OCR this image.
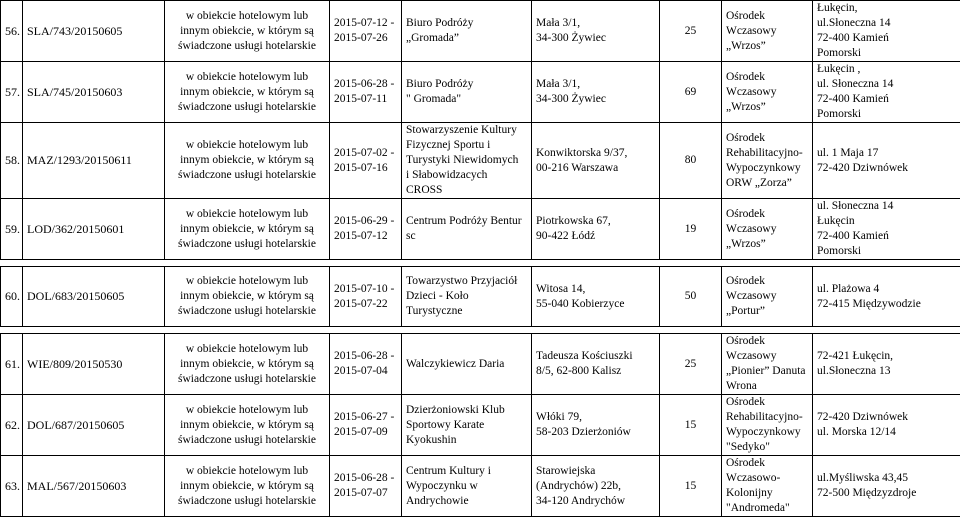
56.	SLA/743/20150605	w obiekcie hotelowym lub
innym obiekcie, w którym są
świadczone usługi hotelarskie	2015-07-12 -
2015-07-26	Biuro Podróży
„Gromada”	Mała 3/1,
34-300 Żywiec	25	Ośrodek
Wczasowy
„Wrzos”	Łukęcin,
ul.Słoneczna 14
72-400 Kamień
Pomorski
57.	SLA/745/20150603	w obiekcie hotelowym lub
innym obiekcie, w którym są
świadczone usługi hotelarskie	2015-06-28 -
2015-07-11	Biuro Podróży
" Gromada"	Mała 3/1,
34-300 Żywiec	69	Ośrodek
Wczasowy
„Wrzos”	Łukęcin ,
ul. Słoneczna 14
72-400 Kamień
Pomorski
58.	MAZ/1293/20150611	w obiekcie hotelowym lub
innym obiekcie, w którym są
świadczone usługi hotelarskie	2015-07-02 -
2015-07-16	Stowarzyszenie Kultury
Fizycznej Sportu i
Turystyki Niewidomych
i Słabowidzacych
CROSS	Konwiktorska 9/37,
00-216 Warszawa	80	Ośrodek
Rehabilitacyjno-
Wypoczynkowy
ORW „Zorza”	ul. 1 Maja 17
72-420 Dziwnówek
59.	LOD/362/20150601	w obiekcie hotelowym lub
innym obiekcie, w którym są
świadczone usługi hotelarskie	2015-06-29 -
2015-07-12	Centrum Podróży Bentur
sc	Piotrkowska 67,
90-422 Łódź	19	Ośrodek
Wczasowy
„Wrzos”	ul. Słoneczna 14
Łukęcin
72-400 Kamień
Pomorski
60.	DOL/683/20150605	w obiekcie hotelowym lub
innym obiekcie, w którym są
świadczone usługi hotelarskie	2015-07-10 -
2015-07-22	Towarzystwo Przyjaciół
Dzieci - Koło
Turystyczne	Witosa 14,
55-040 Kobierzyce	50	Ośrodek
Wczasowy
„Portur”	ul. Plażowa 4
72-415 Międzywodzie
61.	WIE/809/20150530	w obiekcie hotelowym lub
innym obiekcie, w którym są
świadczone usługi hotelarskie	2015-06-28 -
2015-07-04	Walczykiewicz Daria	Tadeusza Kościuszki
8/5, 62-800 Kalisz	25	Ośrodek
Wczasowy
„Pionier” Danuta
Wrona	72-421 Łukęcin,
ul.Słoneczna 13
62.	DOL/687/20150605	w obiekcie hotelowym lub
innym obiekcie, w którym są
świadczone usługi hotelarskie	2015-06-27 -
2015-07-09	Dzierżoniowski Klub
Sportowy Karate
Kyokushin	Włóki 79,
58-203 Dzierżoniów	15	Ośrodek
Rehabilitacyjno-
Wypoczynkowy
"Sedyko"	72-420 Dziwnówek
ul. Morska 12/14
63.	MAL/567/20150603	w obiekcie hotelowym lub
innym obiekcie, w którym są
świadczone usługi hotelarskie	2015-06-28 -
2015-07-07	Centrum Kultury i
Wypoczynku w
Andrychowie	Starowiejska
(Andrychów) 22b,
34-120 Andrychów	15	Ośrodek
Wczasowo-
Kolonijny
"Andromeda"	ul.Myśliwska 43,45
72-500 Międzyzdroje
